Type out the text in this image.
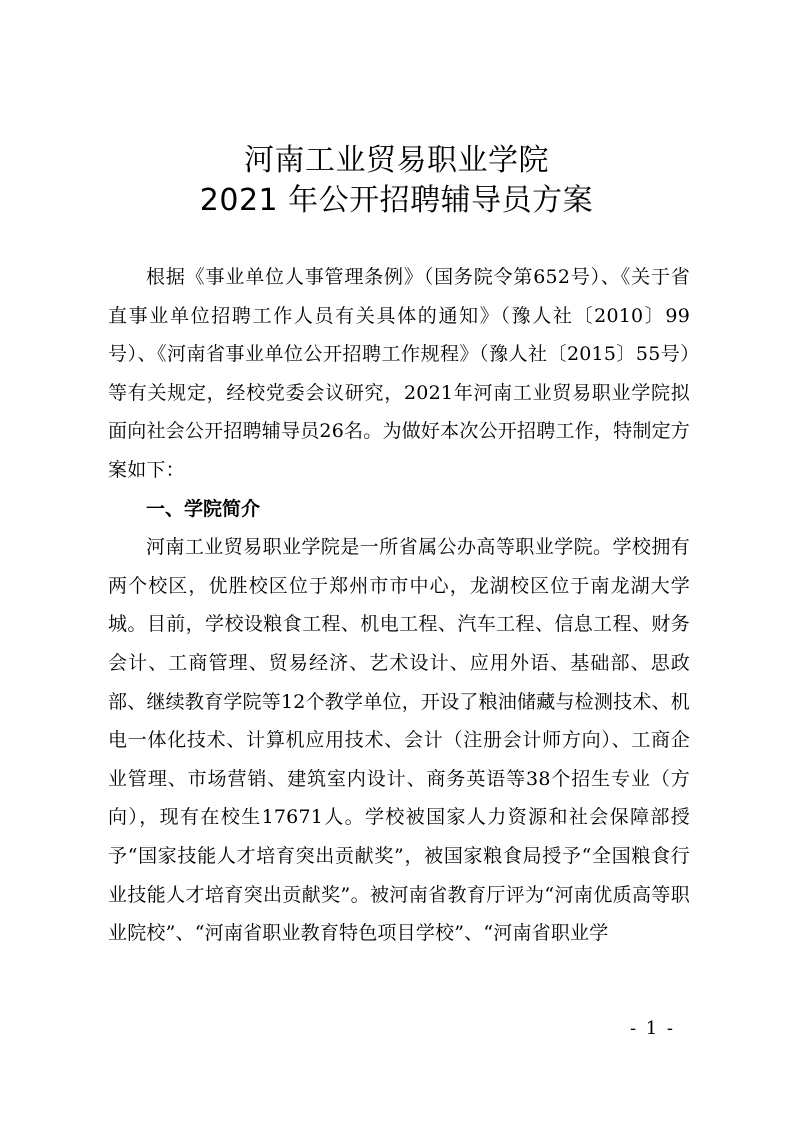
河南工业贸易职业学院
2021 年公开招聘辅导员方案

根据《事业单位人事管理条例》（国务院令第652号）、《关于省直事业单位招聘工作人员有关具体的通知》（豫人社〔2010〕99号）、《河南省事业单位公开招聘工作规程》（豫人社〔2015〕55号）等有关规定，经校党委会议研究，2021年河南工业贸易职业学院拟面向社会公开招聘辅导员26名。为做好本次公开招聘工作，特制定方案如下：

一、学院简介

河南工业贸易职业学院是一所省属公办高等职业学院。学校拥有两个校区，优胜校区位于郑州市市中心，龙湖校区位于南龙湖大学城。目前，学校设粮食工程、机电工程、汽车工程、信息工程、财务会计、工商管理、贸易经济、艺术设计、应用外语、基础部、思政部、继续教育学院等12个教学单位，开设了粮油储藏与检测技术、机电一体化技术、计算机应用技术、会计（注册会计师方向）、工商企业管理、市场营销、建筑室内设计、商务英语等38个招生专业（方向），现有在校生17671人。学校被国家人力资源和社会保障部授予“国家技能人才培育突出贡献奖”，被国家粮食局授予“全国粮食行业技能人才培育突出贡献奖”。被河南省教育厅评为“河南优质高等职业院校”、“河南省职业教育特色项目学校”、“河南省职业学

- 1 -
